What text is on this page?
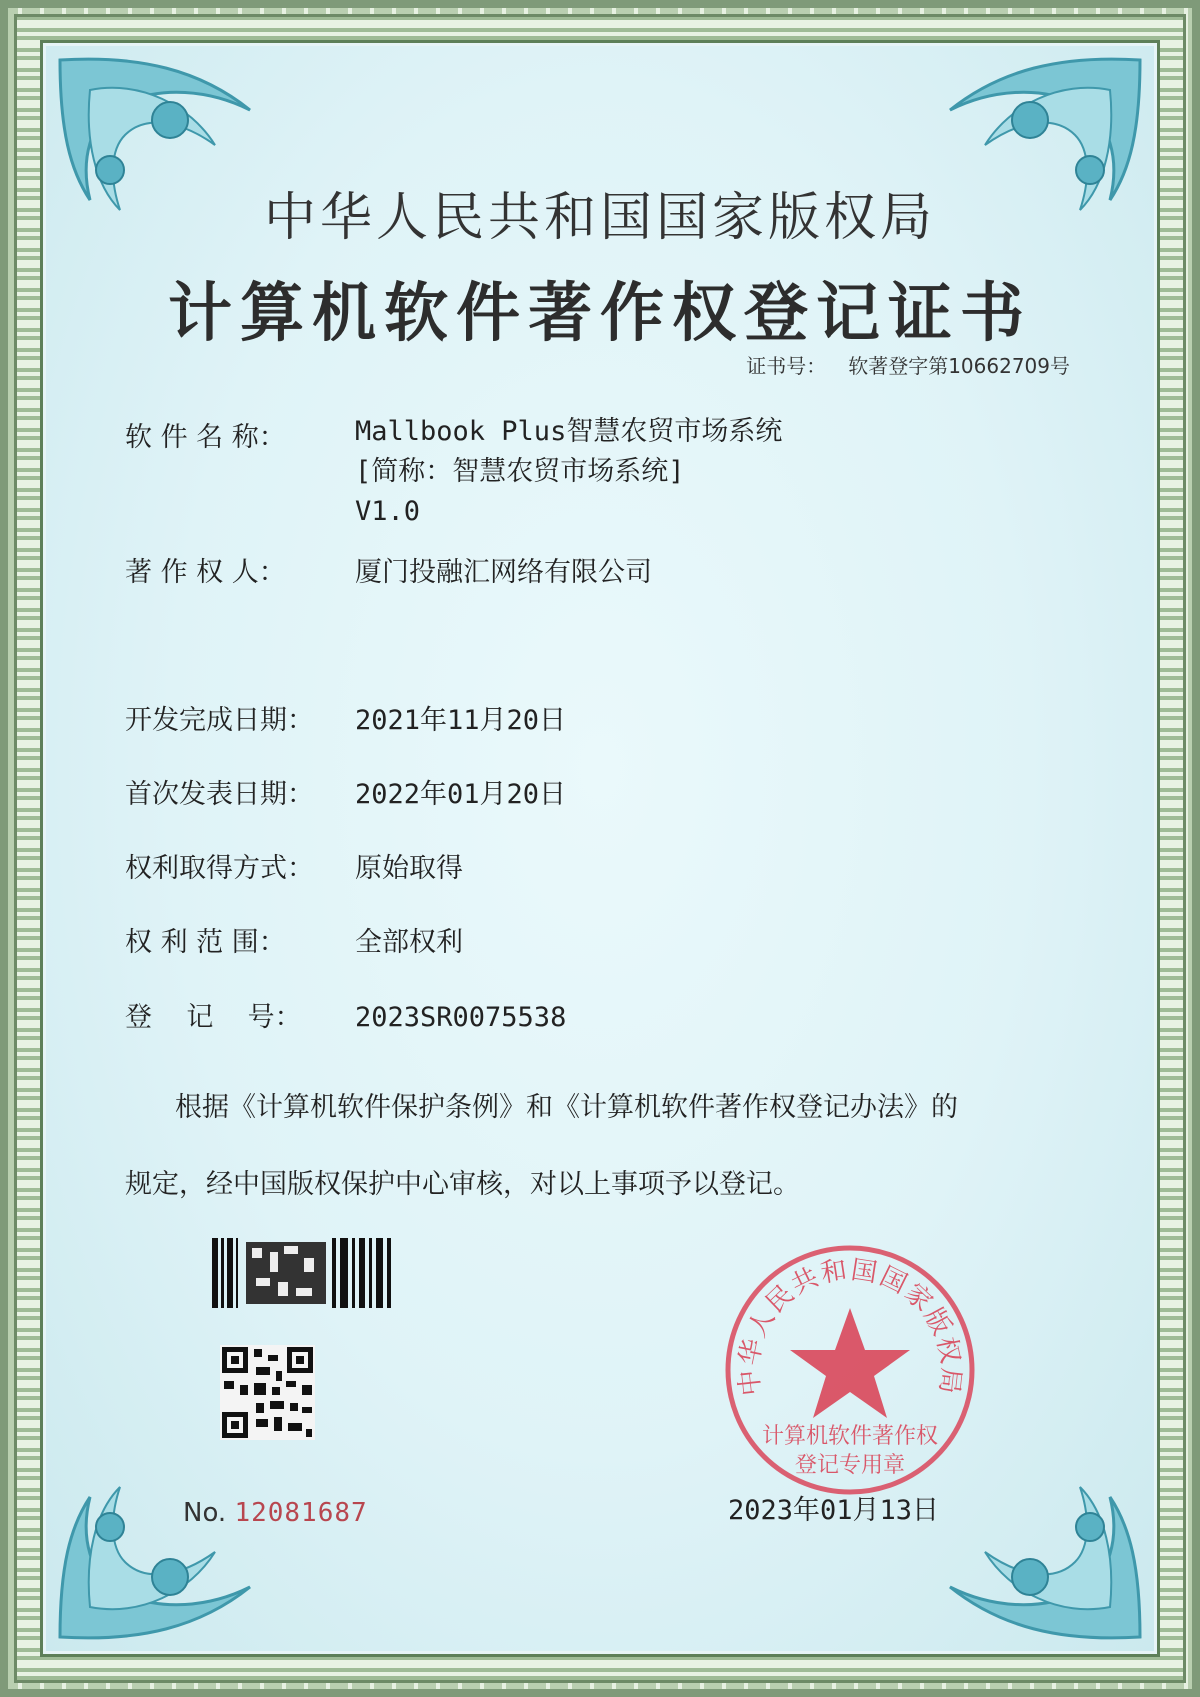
中华人民共和国国家版权局
计算机软件著作权登记证书
证书号： 软著登字第10662709号
软 件 名 称：	Mallbook Plus智慧农贸市场系统
[简称：智慧农贸市场系统]
V1.0
著 作 权 人：	厦门投融汇网络有限公司
开发完成日期： 2021年11月20日
首次发表日期： 2022年01月20日
权利取得方式： 原始取得
权 利 范 围：	全部权利
登    记    号： 2023SR0075538
根据《计算机软件保护条例》和《计算机软件著作权登记办法》的
规定，经中国版权保护中心审核，对以上事项予以登记。
No. 12081687
中华人民共和国国家版权局
计算机软件著作权
登记专用章
2023年01月13日
